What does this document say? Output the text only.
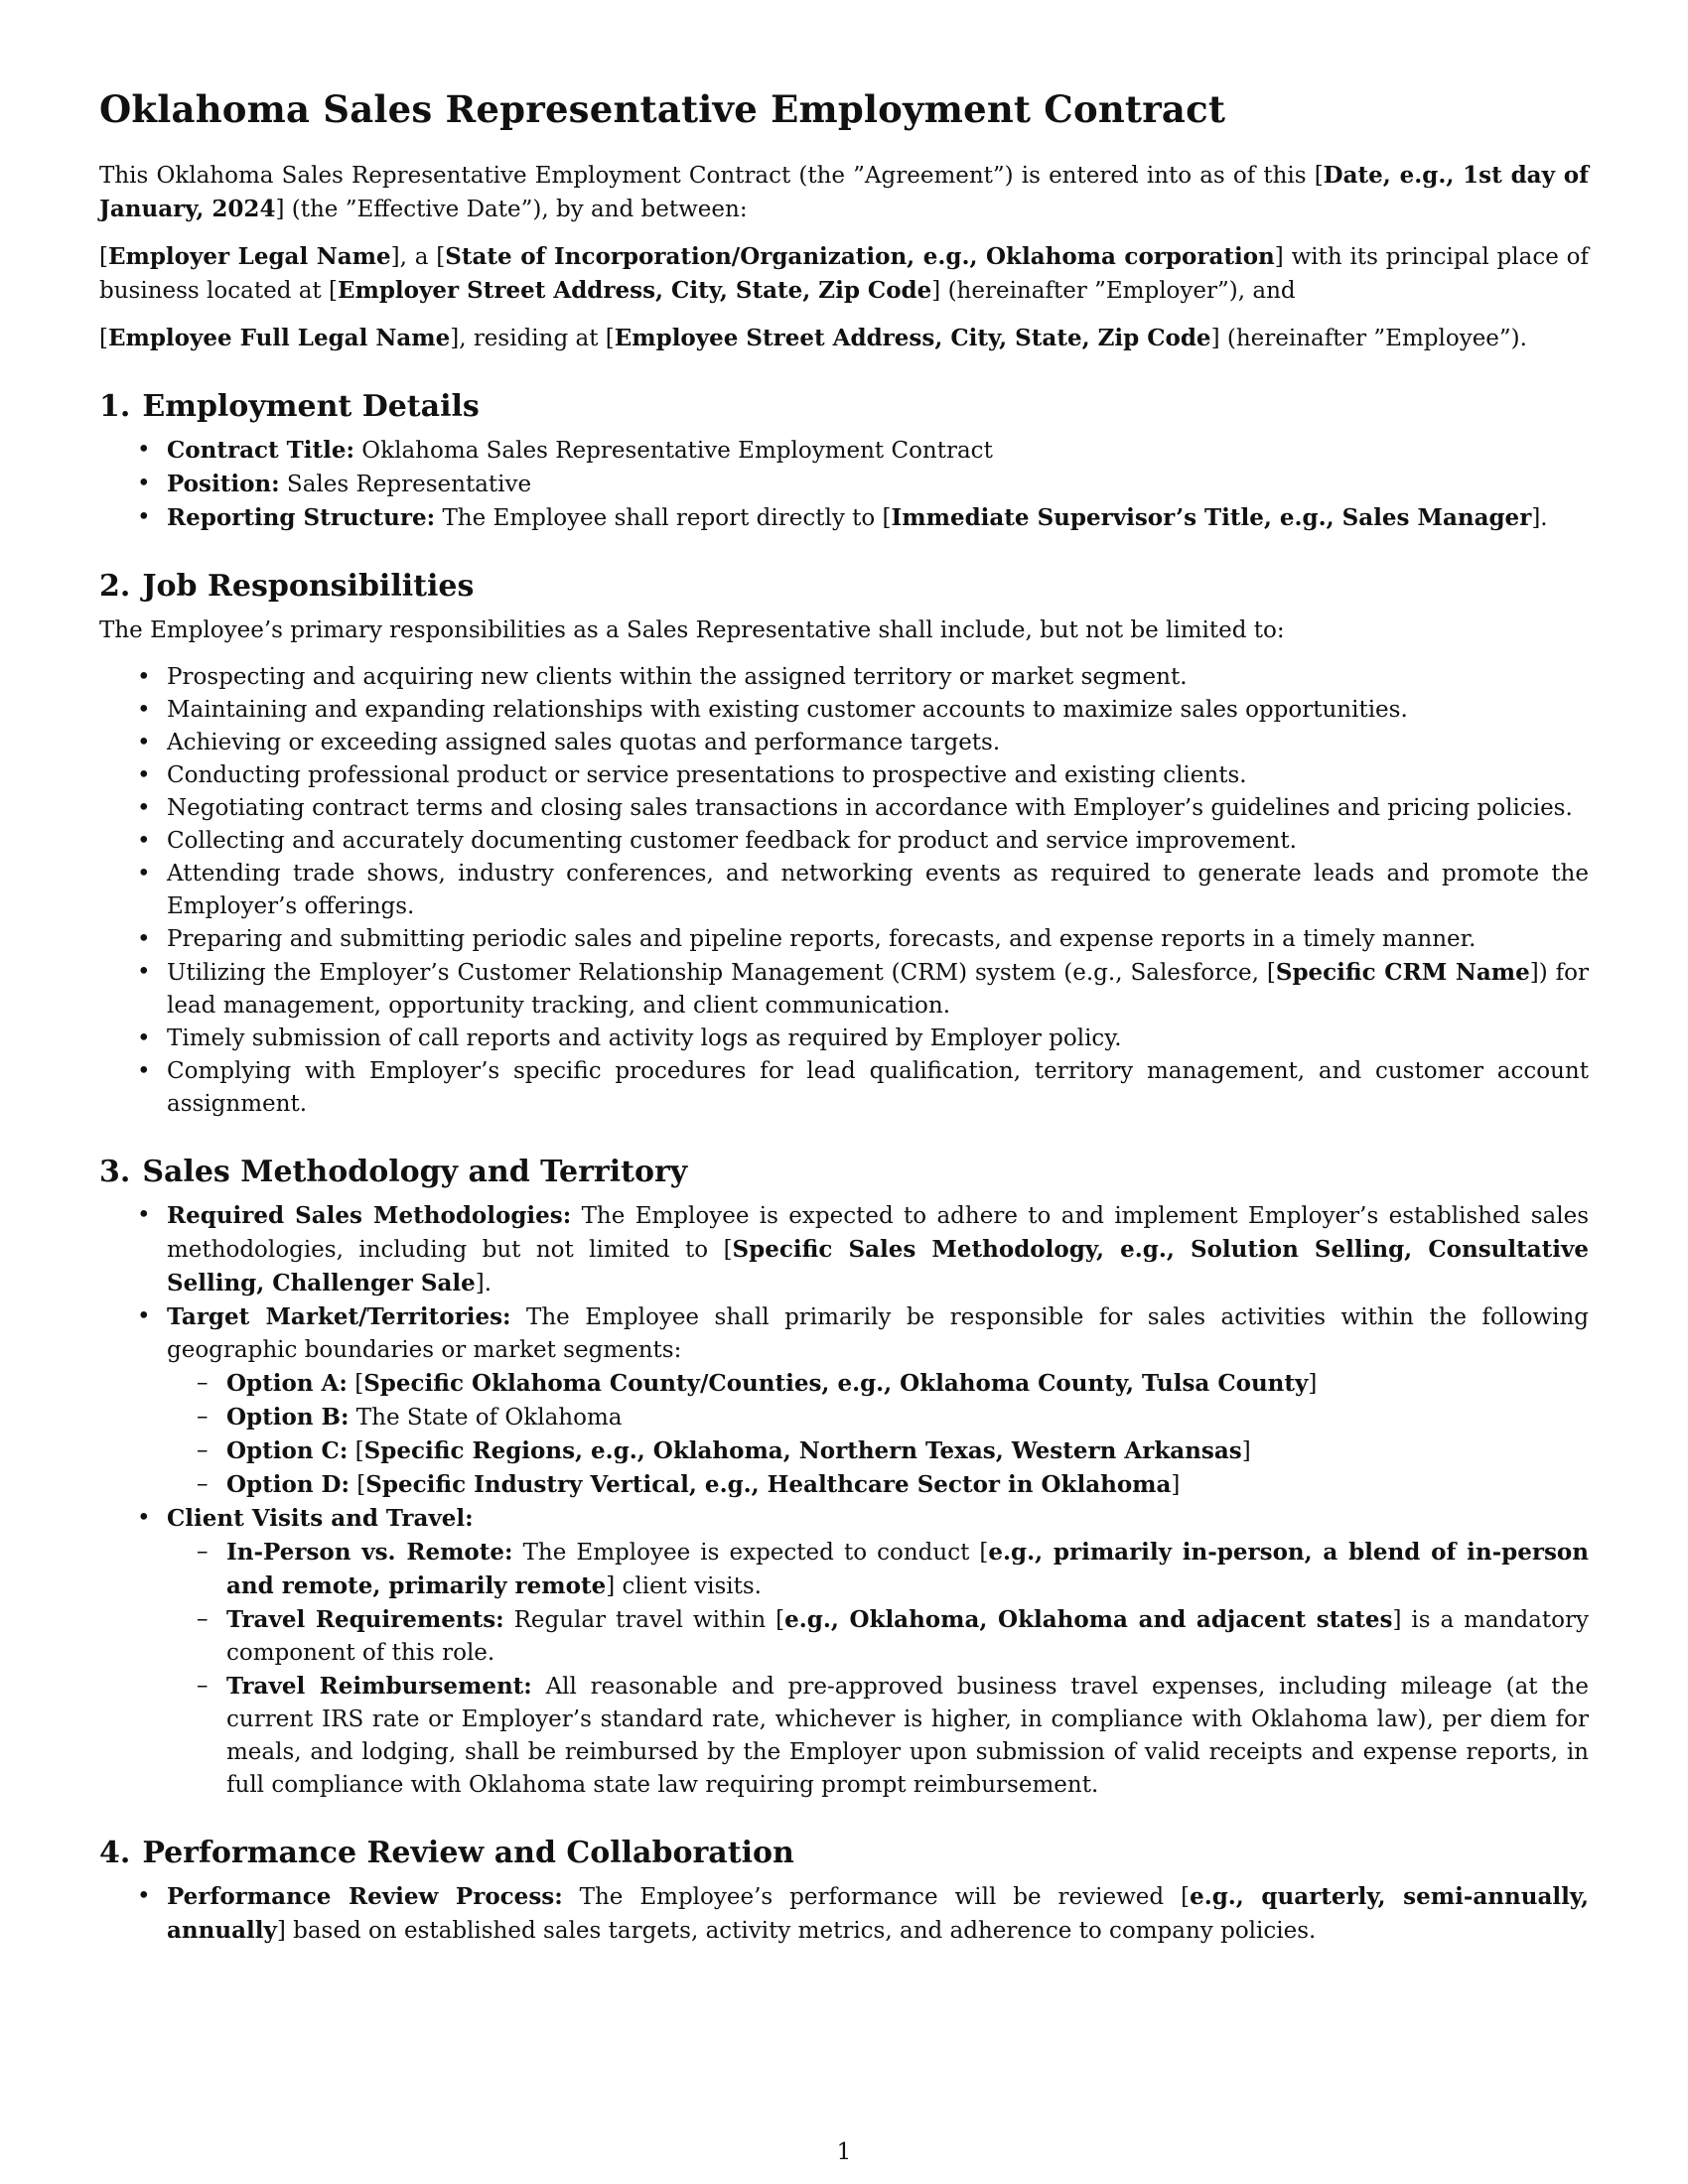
Oklahoma Sales Representative Employment Contract

This Oklahoma Sales Representative Employment Contract (the ”Agreement”) is entered into as of this [Date, e.g., 1st day of January, 2024] (the ”Effective Date”), by and between:

[Employer Legal Name], a [State of Incorporation/Organization, e.g., Oklahoma corporation] with its principal place of business located at [Employer Street Address, City, State, Zip Code] (hereinafter ”Employer”), and

[Employee Full Legal Name], residing at [Employee Street Address, City, State, Zip Code] (hereinafter ”Employee”).

1. Employment Details
• Contract Title: Oklahoma Sales Representative Employment Contract
• Position: Sales Representative
• Reporting Structure: The Employee shall report directly to [Immediate Supervisor’s Title, e.g., Sales Manager].
2. Job Responsibilities

The Employee’s primary responsibilities as a Sales Representative shall include, but not be limited to:

• Prospecting and acquiring new clients within the assigned territory or market segment.
• Maintaining and expanding relationships with existing customer accounts to maximize sales opportunities.
• Achieving or exceeding assigned sales quotas and performance targets.
• Conducting professional product or service presentations to prospective and existing clients.
• Negotiating contract terms and closing sales transactions in accordance with Employer’s guidelines and pricing policies.
• Collecting and accurately documenting customer feedback for product and service improvement.
• Attending trade shows, industry conferences, and networking events as required to generate leads and promote the Employer’s offerings.
• Preparing and submitting periodic sales and pipeline reports, forecasts, and expense reports in a timely manner.
• Utilizing the Employer’s Customer Relationship Management (CRM) system (e.g., Salesforce, [Specific CRM Name]) for lead management, opportunity tracking, and client communication.
• Timely submission of call reports and activity logs as required by Employer policy.
• Complying with Employer’s specific procedures for lead qualification, territory management, and customer account assignment.
3. Sales Methodology and Territory
• Required Sales Methodologies: The Employee is expected to adhere to and implement Employer’s established sales methodologies, including but not limited to [Specific Sales Methodology, e.g., Solution Selling, Consultative Selling, Challenger Sale].
• Target Market/Territories: The Employee shall primarily be responsible for sales activities within the following geographic boundaries or market segments:
– Option A: [Specific Oklahoma County/Counties, e.g., Oklahoma County, Tulsa County]
– Option B: The State of Oklahoma
– Option C: [Specific Regions, e.g., Oklahoma, Northern Texas, Western Arkansas]
– Option D: [Specific Industry Vertical, e.g., Healthcare Sector in Oklahoma]
• Client Visits and Travel:
– In-Person vs. Remote: The Employee is expected to conduct [e.g., primarily in-person, a blend of in-person and remote, primarily remote] client visits.
– Travel Requirements: Regular travel within [e.g., Oklahoma, Oklahoma and adjacent states] is a mandatory component of this role.
– Travel Reimbursement: All reasonable and pre-approved business travel expenses, including mileage (at the current IRS rate or Employer’s standard rate, whichever is higher, in compliance with Oklahoma law), per diem for meals, and lodging, shall be reimbursed by the Employer upon submission of valid receipts and expense reports, in full compliance with Oklahoma state law requiring prompt reimbursement.
4. Performance Review and Collaboration
• Performance Review Process: The Employee’s performance will be reviewed [e.g., quarterly, semi-annually, annually] based on established sales targets, activity metrics, and adherence to company policies.
1
